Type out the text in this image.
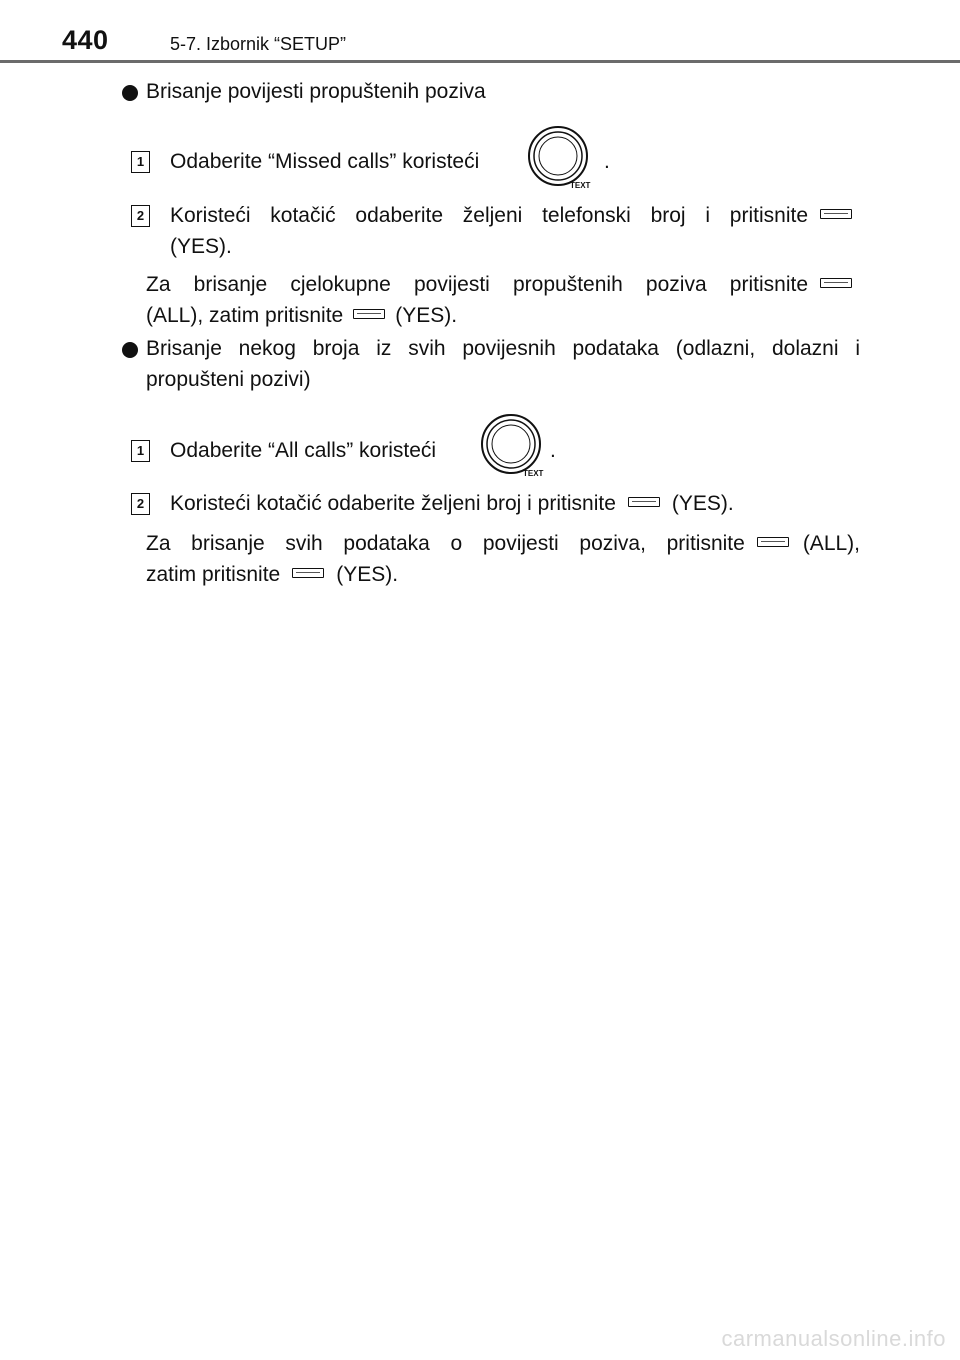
440	5-7. Izbornik “SETUP”
Brisanje povijesti propuštenih poziva
1 Odaberite “Missed calls” koristeći
TEXT
.
2 Koristeći kotačić odaberite željeni telefonski broj i pritisnite
(YES).
Za brisanje cjelokupne povijesti propuštenih poziva pritisnite
(ALL), zatim pritisnite (YES).
Brisanje nekog broja iz svih povijesnih podataka (odlazni, dolazni i
propušteni pozivi)
1 Odaberite “All calls” koristeći
TEXT
.
2 Koristeći kotačić odaberite željeni broj i pritisnite	(YES).
Za brisanje svih podataka o povijesti poziva, pritisnite	(ALL),
zatim pritisnite	(YES).
carmanualsonline.info
